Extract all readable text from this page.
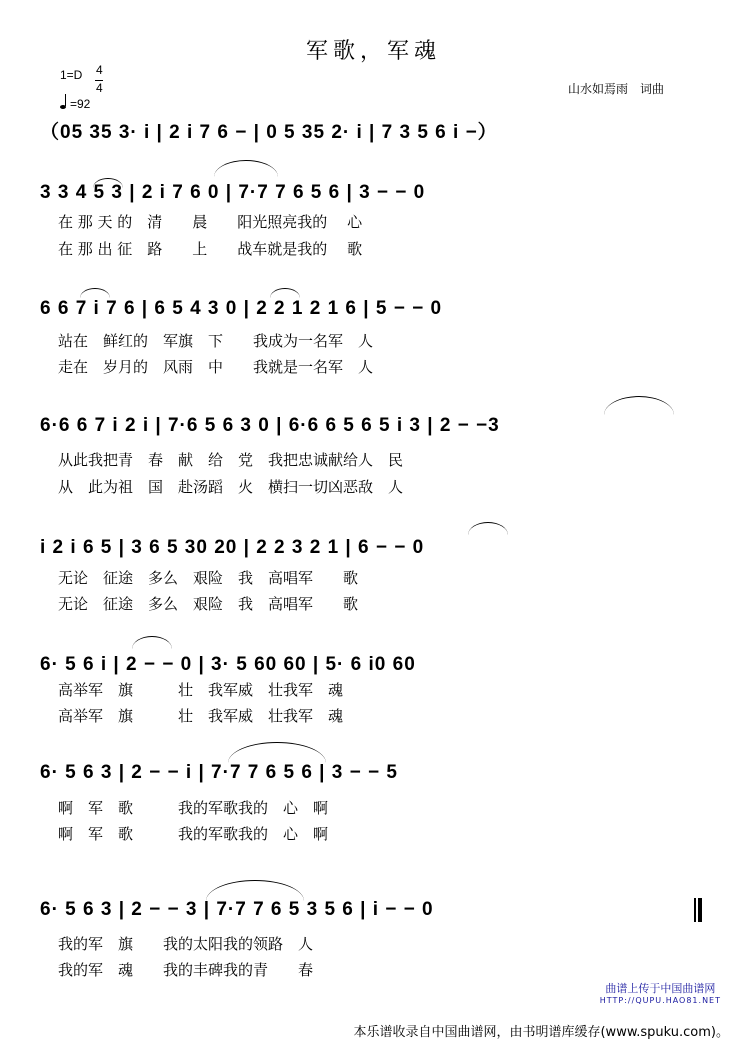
军歌，军魂
1=D 4
4
=92
山水如焉雨　词曲
（05 35 3· i | 2 i 7 6 − | 0 5 35 2· i | 7 3 5 6 i −）
3 3 4 5 3 | 2 i 7 6 0 | 7·7 7 6 5 6 | 3 − − 0
在 那 天 的　清　　晨　　阳光照亮我的　 心
在 那 出 征　路　　上　　战车就是我的　 歌
6 6 7 i 7 6 | 6 5 4 3 0 | 2 2 1 2 1 6 | 5 − − 0
站在　鲜红的　军旗　下　　我成为一名军　人
走在　岁月的　风雨　中　　我就是一名军　人
6·6 6 7 i 2 i | 7·6 5 6 3 0 | 6·6 6 5 6 5 i 3 | 2 − −3
从此我把青　春　献　给　党　我把忠诚献给人　民
从　此为祖　国　赴汤蹈　火　横扫一切凶恶敌　人
i 2 i 6 5 | 3 6 5 30 20 | 2 2 3 2 1 | 6 − − 0
无论　征途　多么　艰险　我　高唱军　　歌
无论　征途　多么　艰险　我　高唱军　　歌
6· 5 6 i | 2 − − 0 | 3· 5 60 60 | 5· 6 i0 60
高举军　旗　　　壮　我军威　壮我军　魂
高举军　旗　　　壮　我军威　壮我军　魂
6· 5 6 3 | 2 − − i | 7·7 7 6 5 6 | 3 − − 5
啊　军　歌　　　我的军歌我的　心　啊
啊　军　歌　　　我的军歌我的　心　啊
6· 5 6 3 | 2 − − 3 | 7·7 7 6 5 3 5 6 | i − − 0
我的军　旗　　我的太阳我的领路　人
我的军　魂　　我的丰碑我的青　　春
曲谱上传于中国曲谱网
HTTP://QUPU.HAO81.NET
本乐谱收录自中国曲谱网，由书明谱库缓存(www.spuku.com)。
